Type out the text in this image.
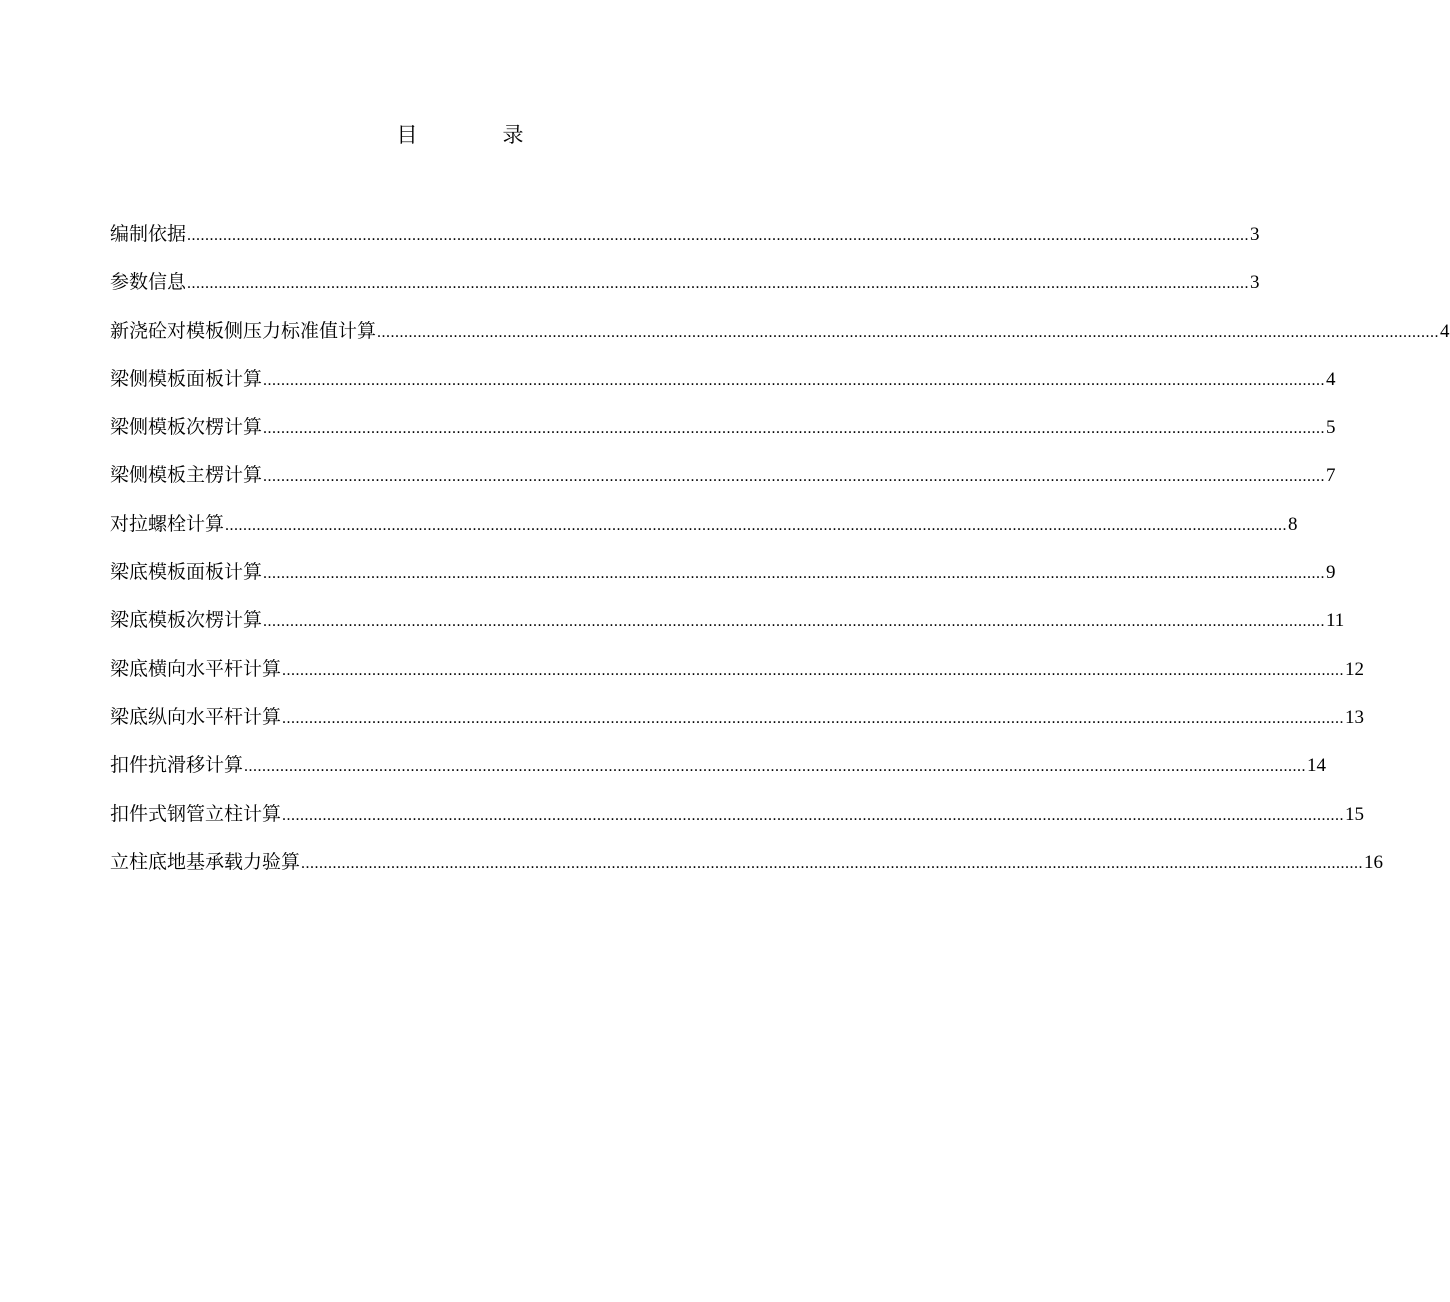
目　录
编制依据 ............................................................................................................................................................................................................................................ 3
参数信息 ............................................................................................................................................................................................................................................ 3
新浇砼对模板侧压力标准值计算 ............................................................................................................................................................................................................................................ 4
梁侧模板面板计算 ............................................................................................................................................................................................................................................ 4
梁侧模板次楞计算 ............................................................................................................................................................................................................................................ 5
梁侧模板主楞计算 ............................................................................................................................................................................................................................................ 7
对拉螺栓计算 ............................................................................................................................................................................................................................................ 8
梁底模板面板计算 ............................................................................................................................................................................................................................................ 9
梁底模板次楞计算 ............................................................................................................................................................................................................................................ 11
梁底横向水平杆计算 ............................................................................................................................................................................................................................................ 12
梁底纵向水平杆计算 ............................................................................................................................................................................................................................................ 13
扣件抗滑移计算 ............................................................................................................................................................................................................................................ 14
扣件式钢管立柱计算 ............................................................................................................................................................................................................................................ 15
立柱底地基承载力验算 ............................................................................................................................................................................................................................................ 16
